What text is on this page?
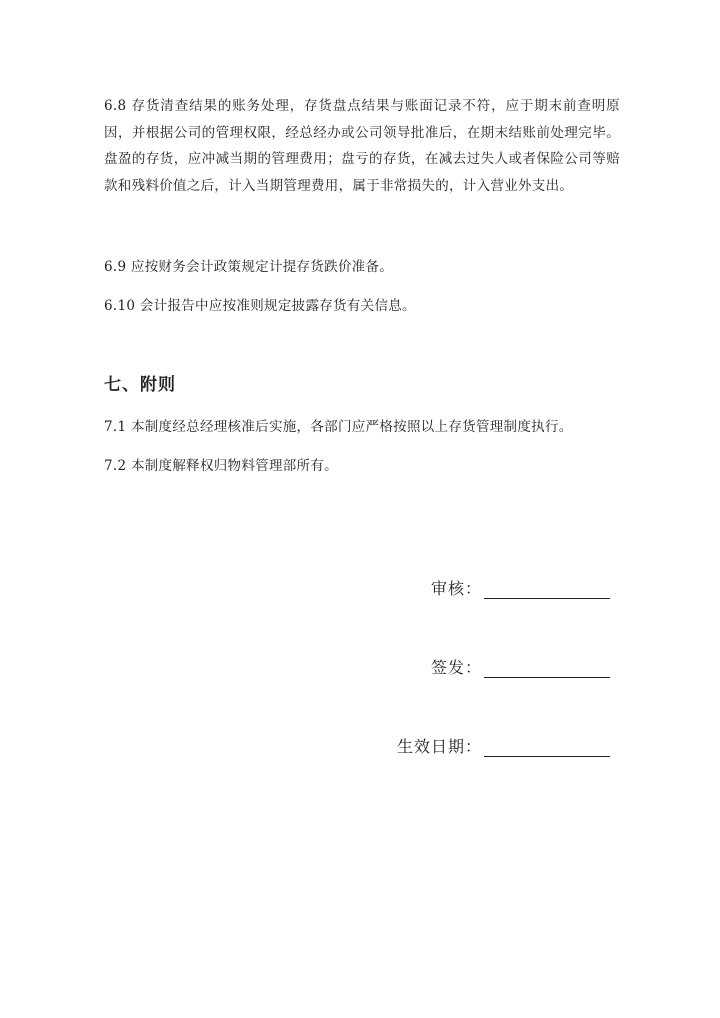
6.8 存货清查结果的账务处理，存货盘点结果与账面记录不符，应于期末前查明原因，并根据公司的管理权限，经总经办或公司领导批准后，在期末结账前处理完毕。盘盈的存货，应冲减当期的管理费用；盘亏的存货，在减去过失人或者保险公司等赔款和残料价值之后，计入当期管理费用，属于非常损失的，计入营业外支出。

6.9 应按财务会计政策规定计提存货跌价准备。

6.10 会计报告中应按准则规定披露存货有关信息。

七、附则

7.1 本制度经总经理核准后实施，各部门应严格按照以上存货管理制度执行。

7.2 本制度解释权归物料管理部所有。

审核：
签发：
生效日期：
